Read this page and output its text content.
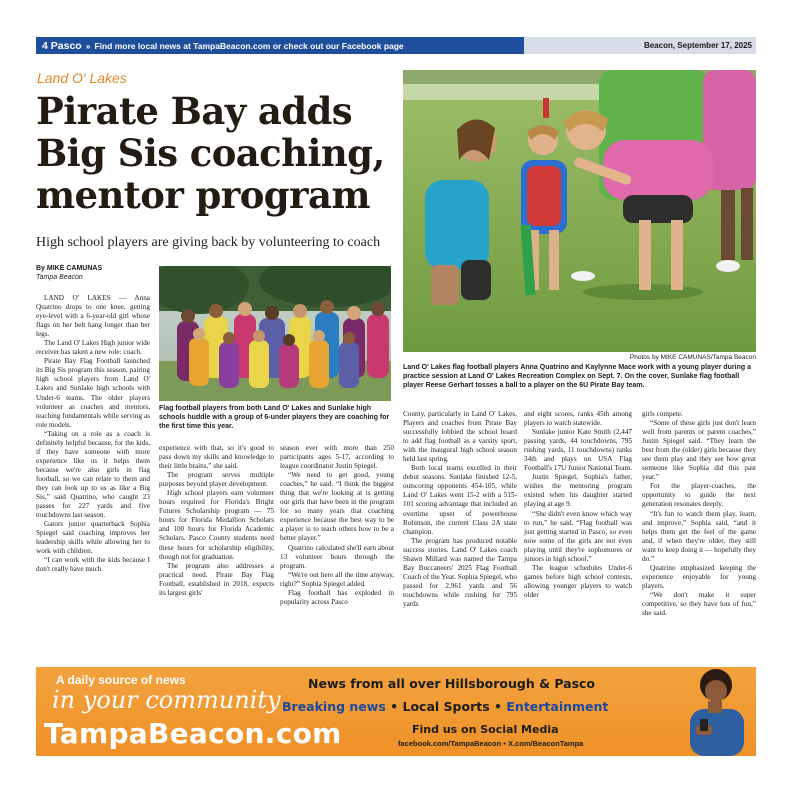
4 Pasco » Find more local news at TampaBeacon.com or check out our Facebook page	Beacon, September 17, 2025
Land O' Lakes
Pirate Bay adds
Big Sis coaching,
mentor program
High school players are giving back by volunteering to coach
By MIKE CAMUNAS
Tampa Beacon

LAND O' LAKES — Anna Quatrino drops to one knee, getting eye-level with a 6-year-old girl whose flags on her belt hang longer than her legs.

The Land O' Lakes High junior wide receiver has taken a new role: coach.

Pirate Bay Flag Football launched its Big Sis program this season, pairing high school players from Land O' Lakes and Sunlake high schools with Under-6 teams. The older players volunteer as coaches and mentors, teaching fundamentals while serving as role models.

“Taking on a role as a coach is definitely helpful because, for the kids, if they have someone with more experience like us it helps them because we're also girls in flag football, so we can relate to them and they can look up to us as like a Big Sis,” said Quatrino, who caught 23 passes for 227 yards and five touchdowns last season.

Gators junior quarterback Sophia Spiegel said coaching improves her leadership skills while allowing her to work with children.

“I can work with the kids because I don't really have much

Flag football players from both Land O' Lakes and Sunlake high schools huddle with a group of 6-under players they are coaching for the first time this year.

experience with that, so it's good to pass down my skills and knowledge to their little brains,” she said.

The program serves multiple purposes beyond player development.

High school players earn volunteer hours required for Florida's Bright Futures Scholarship program — 75 hours for Florida Medallion Scholars and 100 hours for Florida Academic Scholars. Pasco County students need these hours for scholarship eligibility, though not for graduation.

The program also addresses a practical need. Pirate Bay Flag Football, established in 2018, expects its largest girls'

season ever with more than 250 participants ages 5-17, according to league coordinator Justin Spiegel.

“We need to get good, young coaches,” he said. “I think the biggest thing that we're looking at is getting our girls that have been in the program for so many years that coaching experience because the best way to be a player is to teach others how to be a better player.”

Quatrino calculated she'll earn about 13 volunteer hours through the program.

“We're out here all the time anyway, right?” Sophia Spiegel added.

Flag football has exploded in popularity across Pasco

Photos by MIKE CAMUNAS/Tampa Beacon
Land O' Lakes flag football players Anna Quatrino and Kaylynne Mace work with a young player during a practice session at Land O' Lakes Recreation Complex on Sept. 7. On the cover, Sunlake flag football player Reese Gerhart tosses a ball to a player on the 6U Pirate Bay team.

County, particularly in Land O' Lakes. Players and coaches from Pirate Bay successfully lobbied the school board to add flag football as a varsity sport, with the inaugural high school season held last spring.

Both local teams excelled in their debut seasons. Sunlake finished 12-5, outscoring opponents 454-105, while Land O' Lakes went 15-2 with a 515-101 scoring advantage that included an overtime upset of powerhouse Robinson, the current Class 2A state champion.

The program has produced notable success stories. Land O' Lakes coach Shawn Millard was named the Tampa Bay Buccaneers' 2025 Flag Football Coach of the Year. Sophia Spiegel, who passed for 2,961 yards and 56 touchdowns while rushing for 795 yards

and eight scores, ranks 45th among players to watch statewide.

Sunlake junior Kate Smith (2,447 passing yards, 44 touchdowns, 795 rushing yards, 11 touchdowns) ranks 34th and plays on USA Flag Football's 17U Junior National Team.

Justin Spiegel, Sophia's father, wishes the mentoring program existed when his daughter started playing at age 9.

“She didn't even know which way to run,” he said. “Flag football was just getting started in Pasco, so even now some of the girls are not even playing until they're sophomores or juniors in high school.”

The league schedules Under-6 games before high school contests, allowing younger players to watch older

girls compete.

“Some of these girls just don't learn well from parents or parent coaches,” Justin Spiegel said. “They learn the best from the (older) girls because they see them play and they see how great someone like Sophia did this past year.”

For the player-coaches, the opportunity to guide the next generation resonates deeply.

“It's fun to watch them play, learn, and improve,” Sophia said, “and it helps them get the feel of the game and, if when they're older, they still want to keep doing it — hopefully they do.”

Quatrino emphasized keeping the experience enjoyable for young players.

“We don't make it super competitive, so they have lots of fun,” she said.

A daily source of news
in your community
TampaBeacon.com
News from all over Hillsborough & Pasco
Breaking news • Local Sports • Entertainment
Find us on Social Media
facebook.com/TampaBeacon • X.com/BeaconTampa
